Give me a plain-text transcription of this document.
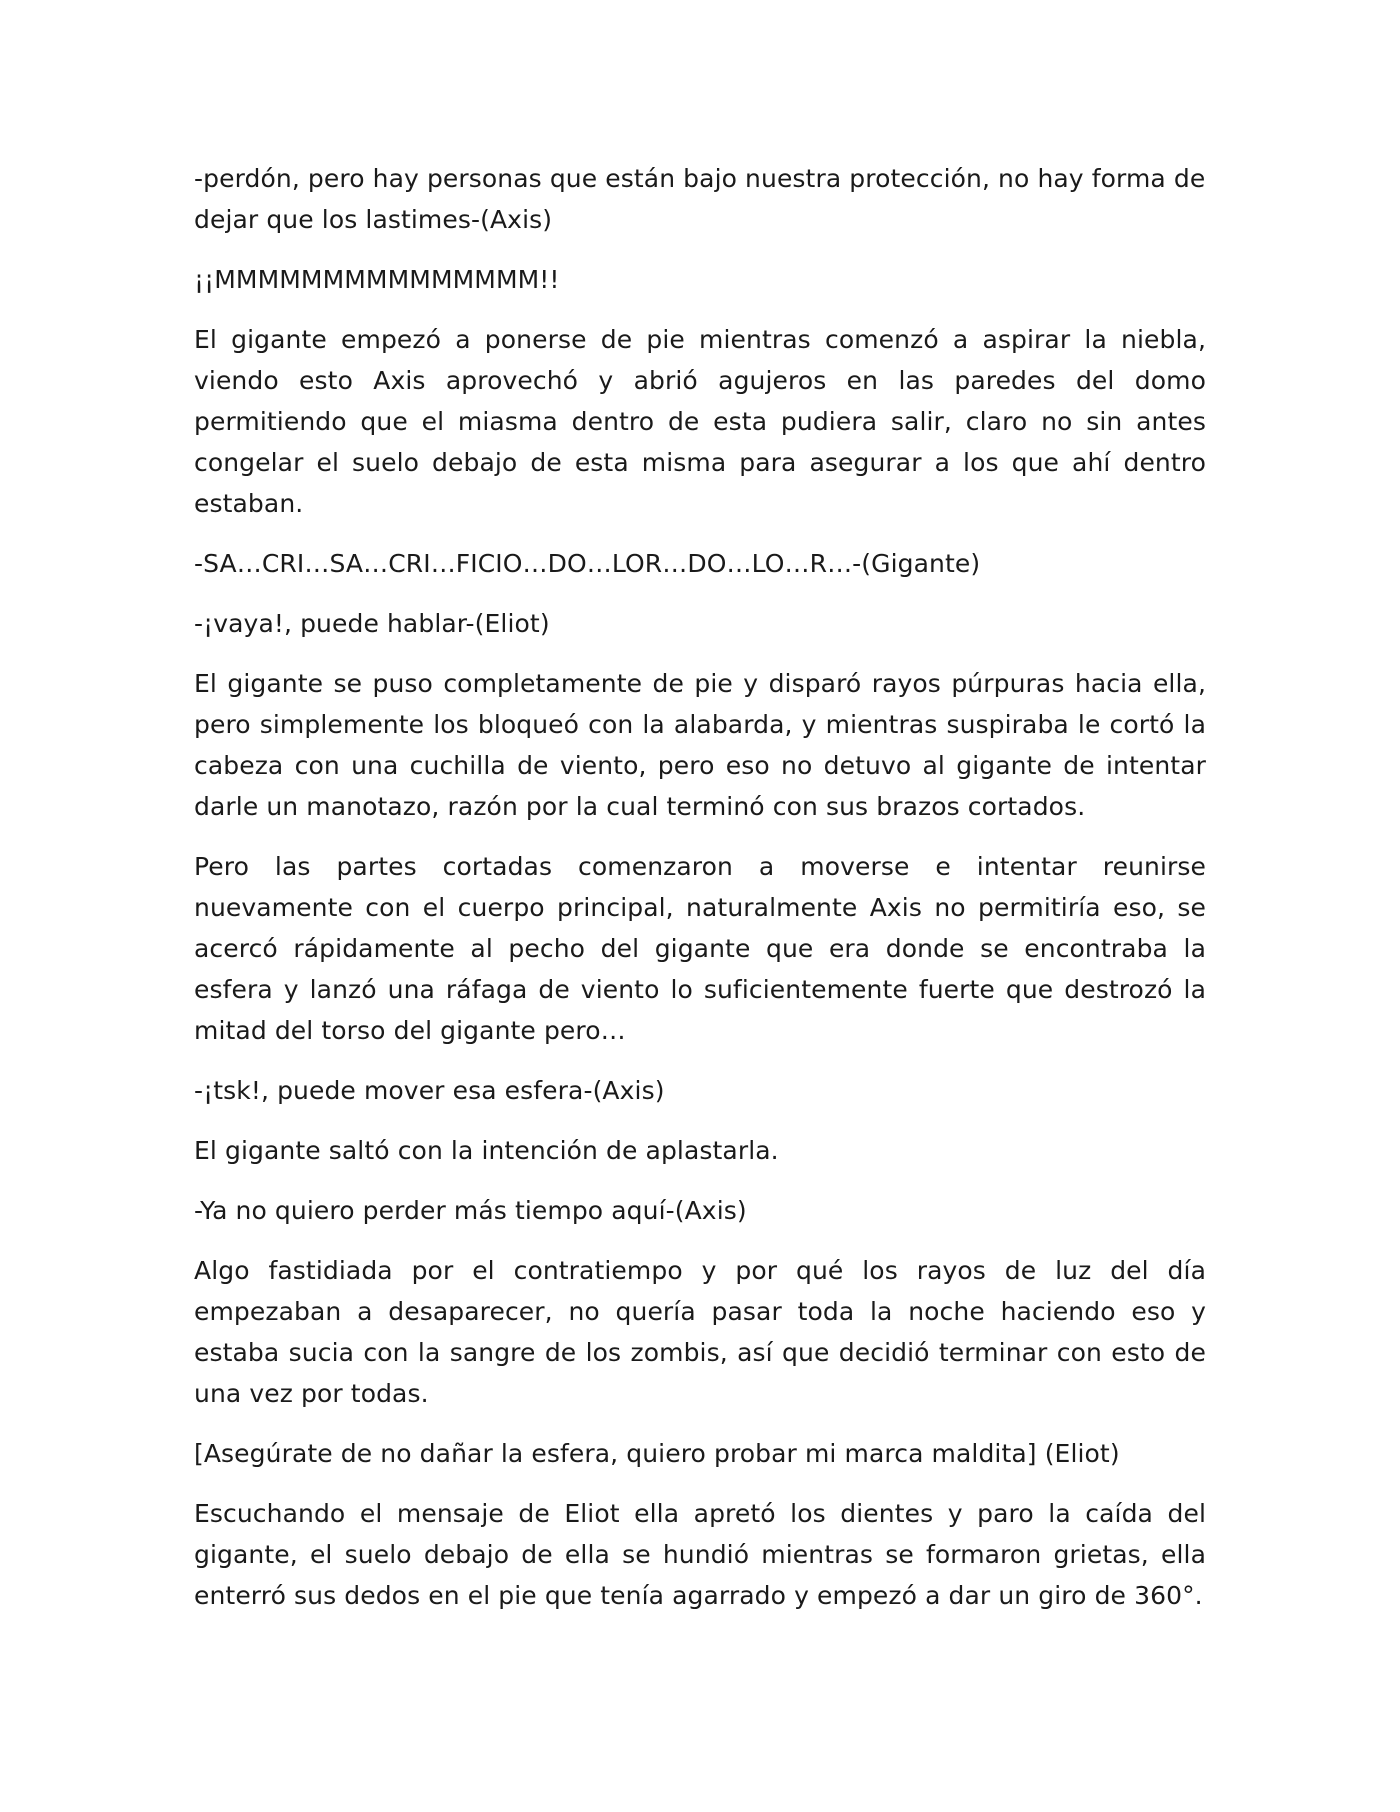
-perdón, pero hay personas que están bajo nuestra protección, no hay forma de dejar que los lastimes-(Axis)

¡¡MMMMMMMMMMMMMMM!!

El gigante empezó a ponerse de pie mientras comenzó a aspirar la niebla, viendo esto Axis aprovechó y abrió agujeros en las paredes del domo permitiendo que el miasma dentro de esta pudiera salir, claro no sin antes congelar el suelo debajo de esta misma para asegurar a los que ahí dentro estaban.

-SA…CRI…SA…CRI…FICIO…DO…LOR…DO…LO…R…-(Gigante)

-¡vaya!, puede hablar-(Eliot)

El gigante se puso completamente de pie y disparó rayos púrpuras hacia ella, pero simplemente los bloqueó con la alabarda, y mientras suspiraba le cortó la cabeza con una cuchilla de viento, pero eso no detuvo al gigante de intentar darle un manotazo, razón por la cual terminó con sus brazos cortados.

Pero las partes cortadas comenzaron a moverse e intentar reunirse nuevamente con el cuerpo principal, naturalmente Axis no permitiría eso, se acercó rápidamente al pecho del gigante que era donde se encontraba la esfera y lanzó una ráfaga de viento lo suficientemente fuerte que destrozó la mitad del torso del gigante pero…

-¡tsk!, puede mover esa esfera-(Axis)

El gigante saltó con la intención de aplastarla.

-Ya no quiero perder más tiempo aquí-(Axis)

Algo fastidiada por el contratiempo y por qué los rayos de luz del día empezaban a desaparecer, no quería pasar toda la noche haciendo eso y estaba sucia con la sangre de los zombis, así que decidió terminar con esto de una vez por todas.

[Asegúrate de no dañar la esfera, quiero probar mi marca maldita] (Eliot)

Escuchando el mensaje de Eliot ella apretó los dientes y paro la caída del gigante, el suelo debajo de ella se hundió mientras se formaron grietas, ella enterró sus dedos en el pie que tenía agarrado y empezó a dar un giro de 360°.
